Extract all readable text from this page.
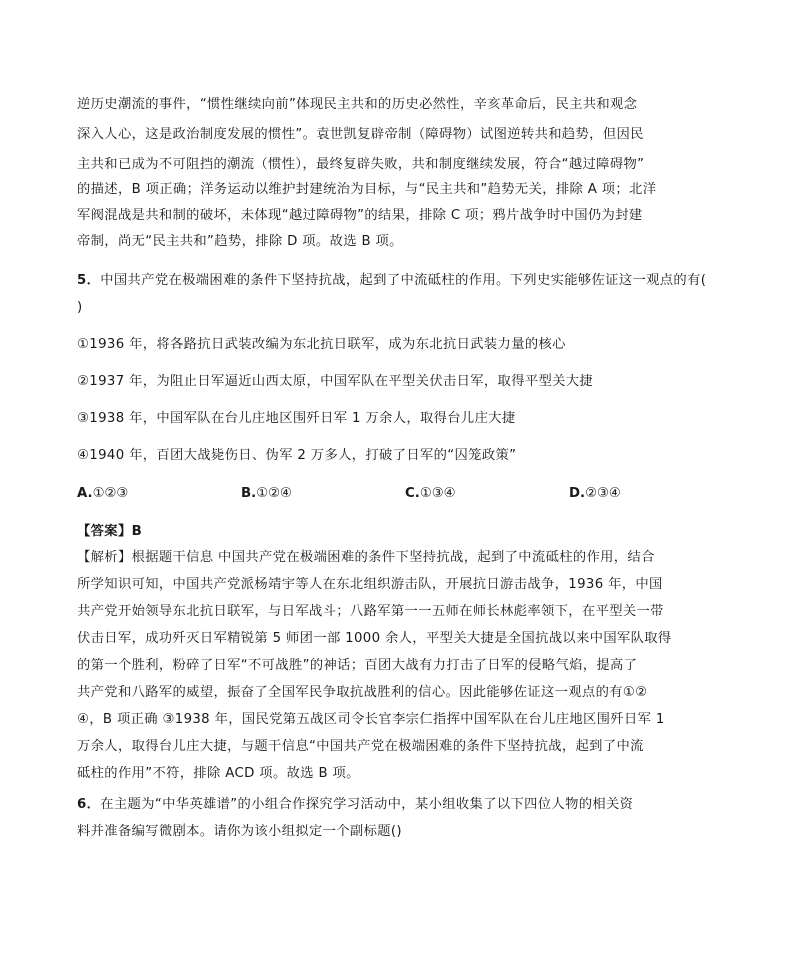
逆历史潮流的事件，“惯性继续向前”体现民主共和的历史必然性，辛亥革命后，民主共和观念
深入人心，这是政治制度发展的惯性”。袁世凯复辟帝制（障碍物）试图逆转共和趋势，但因民
主共和已成为不可阻挡的潮流（惯性），最终复辟失败，共和制度继续发展，符合“越过障碍物”
的描述，B 项正确；洋务运动以维护封建统治为目标，与“民主共和”趋势无关，排除 A 项；北洋
军阀混战是共和制的破坏，未体现“越过障碍物”的结果，排除 C 项；鸦片战争时中国仍为封建
帝制，尚无“民主共和”趋势，排除 D 项。故选 B 项。
5．中国共产党在极端困难的条件下坚持抗战，起到了中流砥柱的作用。下列史实能够佐证这一观点的有(
)
①1936 年，将各路抗日武装改编为东北抗日联军，成为东北抗日武装力量的核心
②1937 年，为阻止日军逼近山西太原，中国军队在平型关伏击日军，取得平型关大捷
③1938 年，中国军队在台儿庄地区围歼日军 1 万余人，取得台儿庄大捷
④1940 年，百团大战毙伤日、伪军 2 万多人，打破了日军的“囚笼政策”
A.①②③	B.①②④	C.①③④	D.②③④
【答案】B
【解析】根据题干信息 中国共产党在极端困难的条件下坚持抗战，起到了中流砥柱的作用，结合
所学知识可知，中国共产党派杨靖宇等人在东北组织游击队，开展抗日游击战争，1936 年，中国
共产党开始领导东北抗日联军，与日军战斗；八路军第一一五师在师长林彪率领下，在平型关一带
伏击日军，成功歼灭日军精锐第 5 师团一部 1000 余人，平型关大捷是全国抗战以来中国军队取得
的第一个胜利，粉碎了日军“不可战胜”的神话；百团大战有力打击了日军的侵略气焰，提高了
共产党和八路军的威望，振奋了全国军民争取抗战胜利的信心。因此能够佐证这一观点的有①②
④，B 项正确 ③1938 年，国民党第五战区司令长官李宗仁指挥中国军队在台儿庄地区围歼日军 1
万余人，取得台儿庄大捷，与题干信息“中国共产党在极端困难的条件下坚持抗战，起到了中流
砥柱的作用”不符，排除 ACD 项。故选 B 项。
6．在主题为“中华英雄谱”的小组合作探究学习活动中，某小组收集了以下四位人物的相关资
料并准备编写微剧本。请你为该小组拟定一个副标题()
